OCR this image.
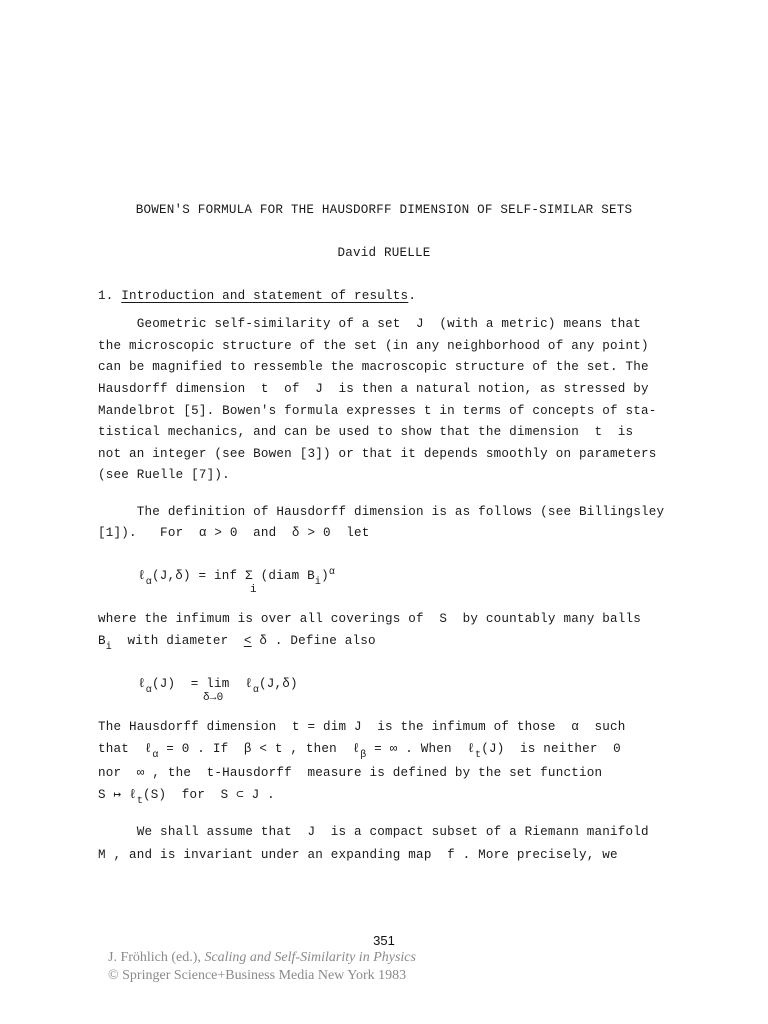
BOWEN'S FORMULA FOR THE HAUSDORFF DIMENSION OF SELF-SIMILAR SETS
David RUELLE
1. Introduction and statement of results.
Geometric self-similarity of a set  J  (with a metric) means that
the microscopic structure of the set (in any neighborhood of any point)
can be magnified to ressemble the macroscopic structure of the set. The
Hausdorff dimension  t  of  J  is then a natural notion, as stressed by
Mandelbrot [5]. Bowen's formula expresses t in terms of concepts of sta-
tistical mechanics, and can be used to show that the dimension  t  is
not an integer (see Bowen [3]) or that it depends smoothly on parameters
(see Ruelle [7]).
The definition of Hausdorff dimension is as follows (see Billingsley
[1]).   For  α > 0  and  δ > 0  let
ℓ$_\alpha$(J,δ) = inf Σ (diam $B_i)^\alpha$
i
where the infimum is over all coverings of  S  by countably many balls
$B_i$  with diameter  < δ . Define also
ℓ$_\alpha$(J)  = lim  ℓ$_\alpha$(J,δ)
δ→0
The Hausdorff dimension  t = dim J  is the infimum of those  α  such
that  ℓ$_\alpha$ = 0 . If  β < t , then  ℓ$_\beta$ = ∞ . When  ℓ$_t$(J)  is neither  0
nor  ∞ , the  t-Hausdorff  measure is defined by the set function
S ↦ ℓ$_t$(S)  for  S ⊂ J .
We shall assume that  J  is a compact subset of a Riemann manifold
M , and is invariant under an expanding map  f . More precisely, we
351
J. Fröhlich (ed.), Scaling and Self-Similarity in Physics
© Springer Science+Business Media New York 1983
